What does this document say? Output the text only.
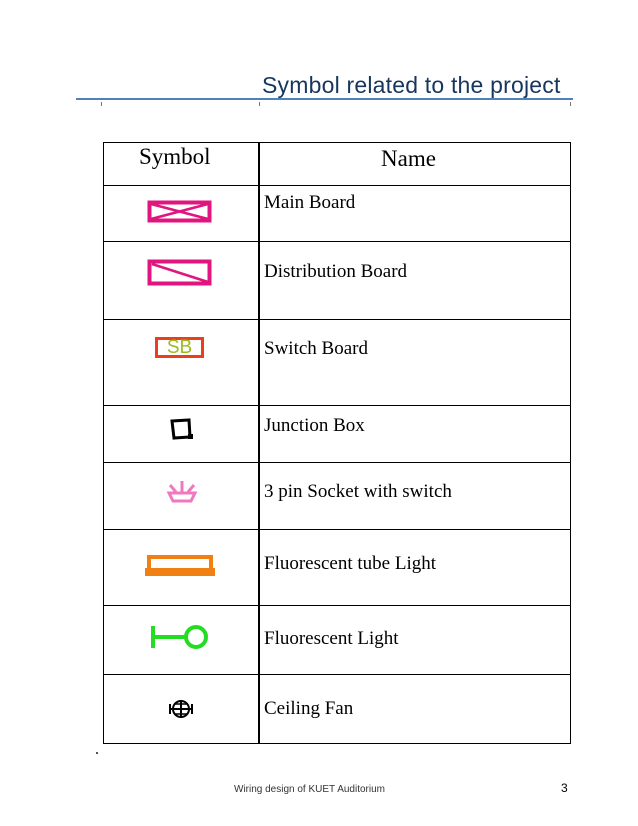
Symbol related to the project
Symbol	Name
Main Board
Distribution Board
SB	Switch Board
Junction Box
3 pin Socket with switch
Fluorescent tube Light
Fluorescent Light
Ceiling Fan
Wiring design of KUET Auditorium	3
